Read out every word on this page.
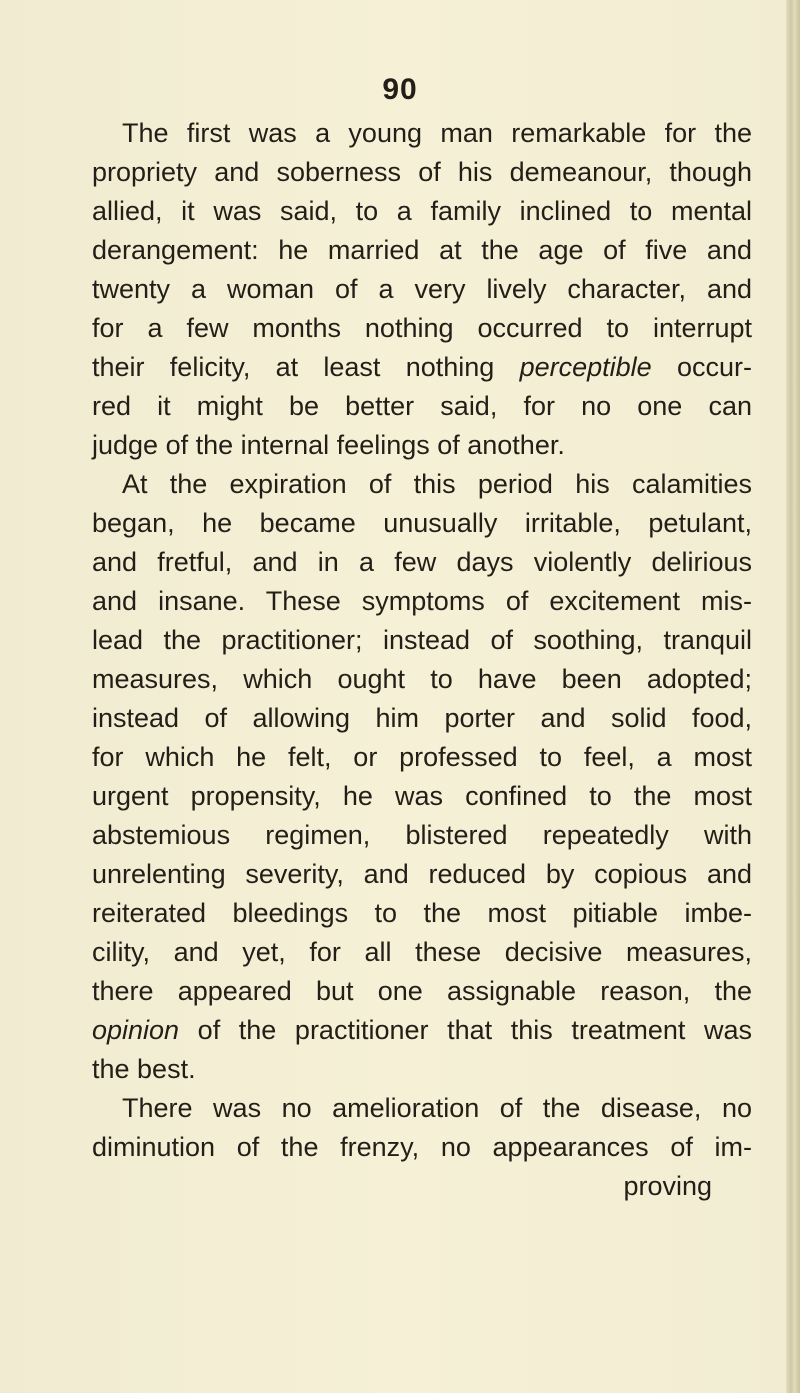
90
The first was a young man remarkable for the
propriety and soberness of his demeanour, though
allied, it was said, to a family inclined to mental
derangement: he married at the age of five and
twenty a woman of a very lively character, and
for a few months nothing occurred to interrupt
their felicity, at least nothing perceptible occur-
red it might be better said, for no one can
judge of the internal feelings of another.
At the expiration of this period his calamities
began, he became unusually irritable, petulant,
and fretful, and in a few days violently delirious
and insane. These symptoms of excitement mis-
lead the practitioner; instead of soothing, tranquil
measures, which ought to have been adopted;
instead of allowing him porter and solid food,
for which he felt, or professed to feel, a most
urgent propensity, he was confined to the most
abstemious regimen, blistered repeatedly with
unrelenting severity, and reduced by copious and
reiterated bleedings to the most pitiable imbe-
cility, and yet, for all these decisive measures,
there appeared but one assignable reason, the
opinion of the practitioner that this treatment was
the best.
There was no amelioration of the disease, no
diminution of the frenzy, no appearances of im-
proving
